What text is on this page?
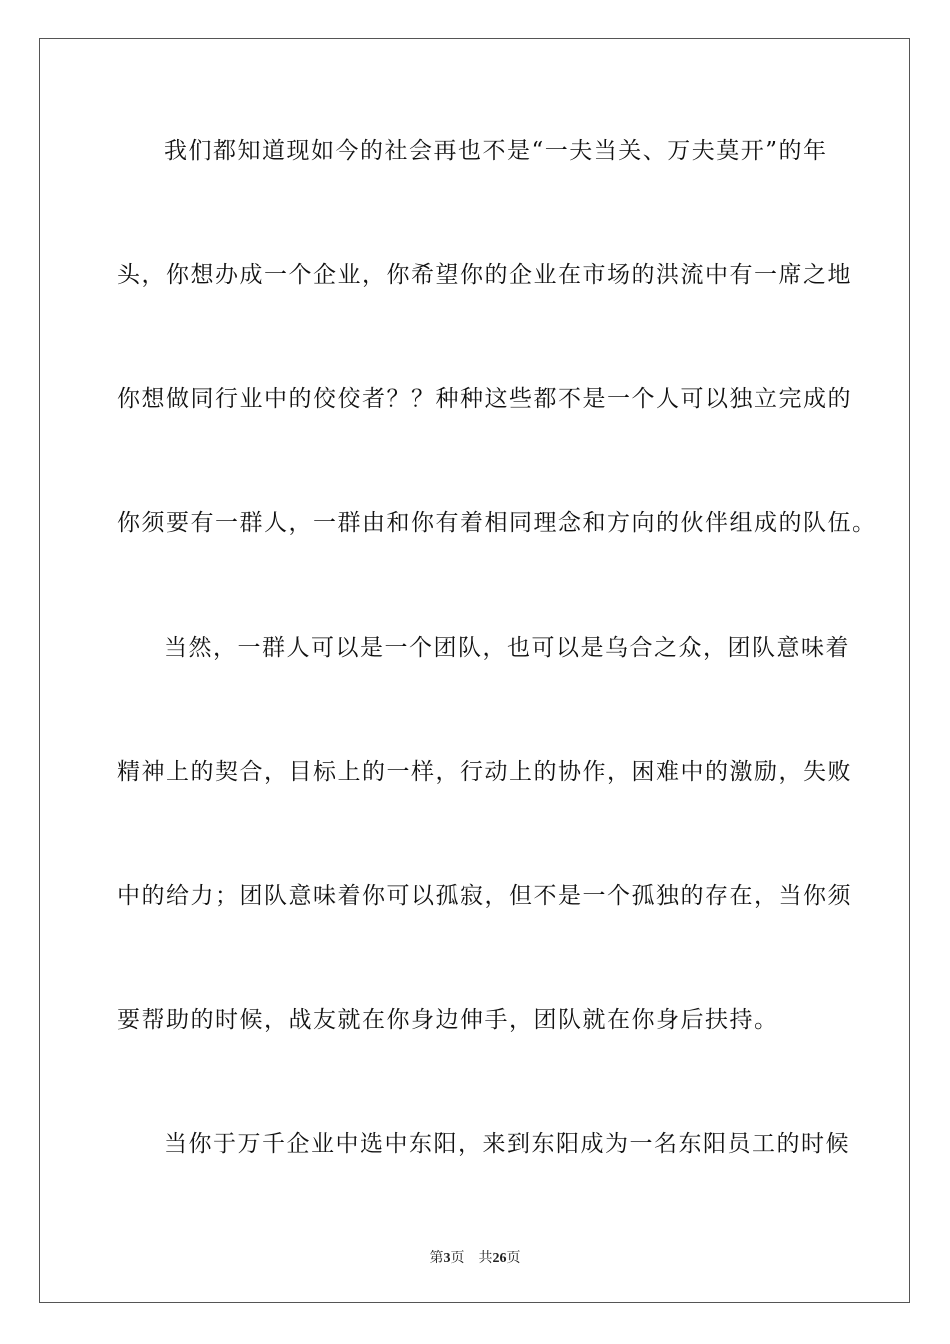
我们都知道现如今的社会再也不是“一夫当关、万夫莫开”的年
头，你想办成一个企业，你希望你的企业在市场的洪流中有一席之地
你想做同行业中的佼佼者？？种种这些都不是一个人可以独立完成的
你须要有一群人，一群由和你有着相同理念和方向的伙伴组成的队伍。
当然，一群人可以是一个团队，也可以是乌合之众，团队意味着
精神上的契合，目标上的一样，行动上的协作，困难中的激励，失败
中的给力；团队意味着你可以孤寂，但不是一个孤独的存在，当你须
要帮助的时候，战友就在你身边伸手，团队就在你身后扶持。
当你于万千企业中选中东阳，来到东阳成为一名东阳员工的时候
第3页 共26页
